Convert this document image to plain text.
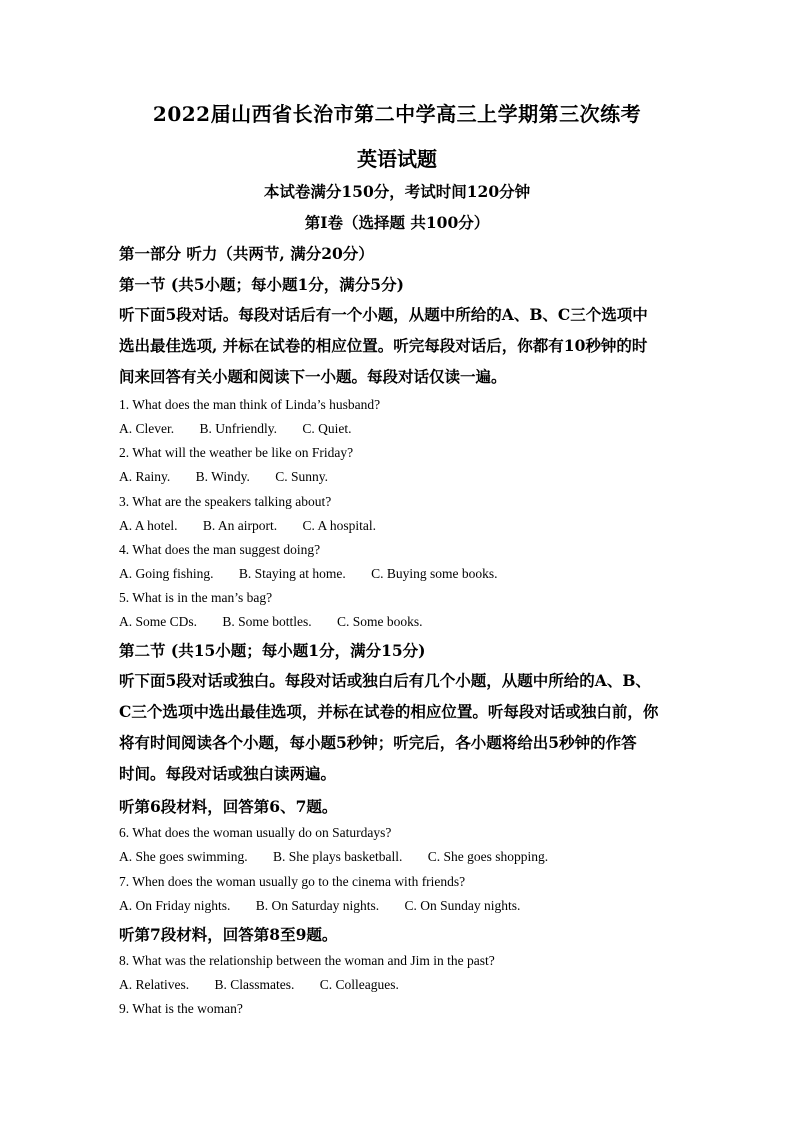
2022届山西省长治市第二中学高三上学期第三次练考
英语试题
本试卷满分150分，考试时间120分钟
第Ⅰ卷（选择题 共100分）
第一部分 听力（共两节, 满分20分）
第一节 (共5小题；每小题1分，满分5分)
听下面5段对话。每段对话后有一个小题，从题中所给的A、B、C三个选项中
选出最佳选项, 并标在试卷的相应位置。听完每段对话后，你都有10秒钟的时
间来回答有关小题和阅读下一小题。每段对话仅读一遍。
1. What does the man think of Linda’s husband?
A. Clever. B. Unfriendly. C. Quiet.
2. What will the weather be like on Friday?
A. Rainy. B. Windy. C. Sunny.
3. What are the speakers talking about?
A. A hotel. B. An airport. C. A hospital.
4. What does the man suggest doing?
A. Going fishing. B. Staying at home. C. Buying some books.
5. What is in the man’s bag?
A. Some CDs. B. Some bottles. C. Some books.
第二节 (共15小题；每小题1分，满分15分)
听下面5段对话或独白。每段对话或独白后有几个小题，从题中所给的A、B、
C三个选项中选出最佳选项，并标在试卷的相应位置。听每段对话或独白前，你
将有时间阅读各个小题，每小题5秒钟；听完后，各小题将给出5秒钟的作答
时间。每段对话或独白读两遍。
听第6段材料，回答第6、7题。
6. What does the woman usually do on Saturdays?
A. She goes swimming. B. She plays basketball. C. She goes shopping.
7. When does the woman usually go to the cinema with friends?
A. On Friday nights. B. On Saturday nights. C. On Sunday nights.
听第7段材料，回答第8至9题。
8. What was the relationship between the woman and Jim in the past?
A. Relatives. B. Classmates. C. Colleagues.
9. What is the woman?
